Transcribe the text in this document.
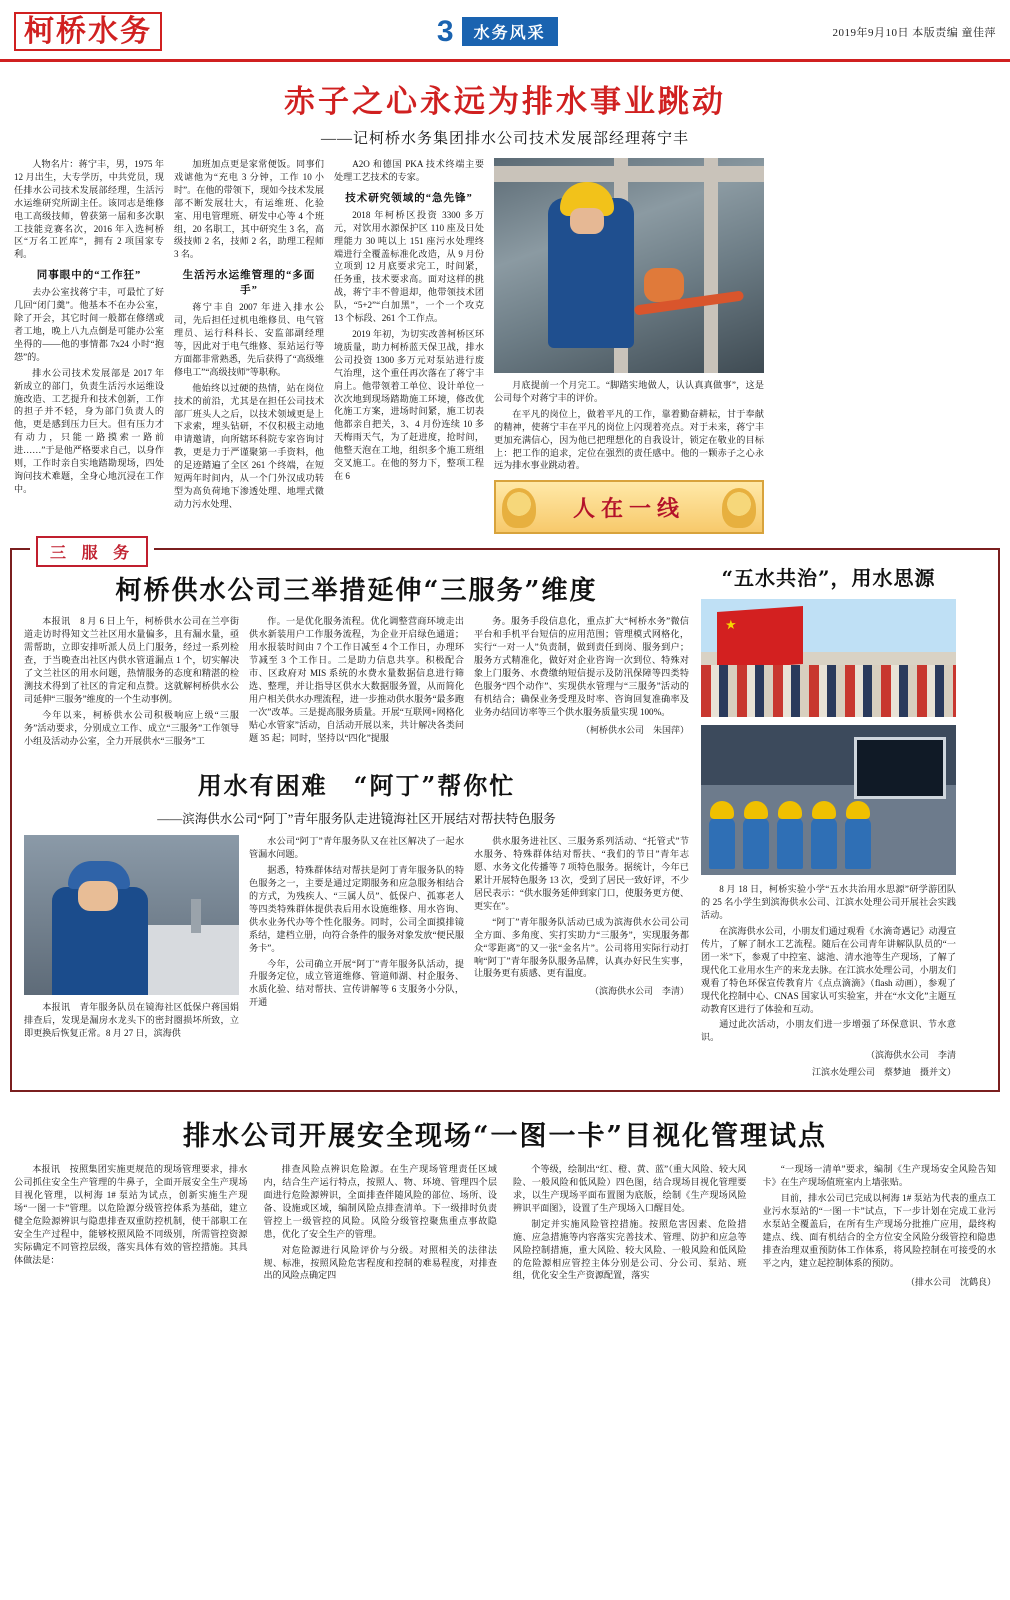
柯桥水务	3	水务风采	2019年9月10日 本版责编 童佳萍
赤子之心永远为排水事业跳动
——记柯桥水务集团排水公司技术发展部经理蒋宁丰

人物名片：蒋宁丰，男，1975 年 12 月出生，大专学历，中共党员，现任排水公司技术发展部经理，生活污水运维研究所副主任。该同志是维修电工高级技师，曾获第一届和多次职工技能竞赛名次，2016 年入选柯桥区“万名工匠库”，拥有 2 项国家专利。

同事眼中的“工作狂”

去办公室找蒋宁丰，可最忙了好几回“闭门羹”。他基本不在办公室，除了开会，其它时间一般都在修缮或者工地，晚上八九点倒是可能办公室坐得的——他的事情都 7x24 小时“抱怨”的。

排水公司技术发展部是 2017 年新成立的部门，负责生活污水运维设施改造、工艺提升和技术创新，工作的担子并不轻，身为部门负责人的他，更是感到压力巨大。但有压力才有动力，只能一路摸索一路前进……”于是他严格要求自己，以身作则，工作时亲自实地踏勘现场，四处询问技术难题，全身心地沉浸在工作中。

加班加点更是家常便饭。同事们戏谑他为“充电 3 分钟，工作 10 小时”。在他的带领下，现如今技术发展部不断发展壮大，有运维班、化验室、用电管理班、研发中心等 4 个班组，20 名职工，其中研究生 3 名，高级技师 2 名，技师 2 名，助理工程师 3 名。

生活污水运维管理的“多面手”

蒋宁丰自 2007 年进入排水公司，先后担任过机电维修员、电气管理员、运行科科长、安监部副经理等，因此对于电气维修、泵站运行等方面都非常熟悉，先后获得了“高级维修电工”“高级技师”等职称。

他始终以过硬的热情，站在岗位技术的前沿，尤其是在担任公司技术部厂班头人之后，以技术领域更是上下求索，埋头钻研，不仅积极主动地申请邀请，向所辖环科院专家咨询讨教，更是力于严谨聚第一手资料，他的足迹踏遍了全区 261 个终端，在短短两年时间内，从一个门外汉成功转型为高负荷地下渗透处理、地埋式微动力污水处理、

A2O 和德国 PKA 技术终端主要处理工艺技术的专家。

技术研究领域的“急先锋”

2018 年柯桥区投资 3300 多万元，对饮用水源保护区 110 座及日处理能力 30 吨以上 151 座污水处理终端进行全覆盖标准化改造，从 9 月份立项到 12 月底要求完工，时间紧，任务重，技术要求高。面对这样的挑战，蒋宁丰不曾退却，他带领技术团队，“5+2”“白加黑”，一个一个攻克 13 个标段、261 个工作点。

2019 年初，为切实改善柯桥区环境质量，助力柯桥蓝天保卫战，排水公司投资 1300 多万元对泵站进行废气治理，这个重任再次落在了蒋宁丰肩上。他带领着工单位、设计单位一次次地到现场踏勘施工环境，修改优化施工方案，进场时间紧，施工切表他都亲自把关，3、4 月份连续 10 多天梅雨天气，为了赶进度，抢时间，他整天泡在工地，组织多个施工班组交叉施工。在他的努力下，整项工程在 6

月底提前一个月完工。“脚踏实地做人，认认真真做事”，这是公司每个对蒋宁丰的评价。

在平凡的岗位上，做着平凡的工作，靠着勤奋耕耘，甘于奉献的精神，使蒋宁丰在平凡的岗位上闪现着亮点。对于未来，蒋宁丰更加充满信心，因为他已把理想化的自我设计，锁定在敬业的目标上：把工作的追求，定位在强烈的责任感中。他的一颗赤子之心永远为排水事业跳动着。

人在一线
三 服 务
柯桥供水公司三举措延伸“三服务”维度

本报讯　8 月 6 日上午，柯桥供水公司在兰亭街道走访时得知文兰社区用水量偏多，且有漏水量，亟需帮助，立即安排听派人员上门服务，经过一系列检查，于当晚查出社区内供水管道漏点 1 个，切实解决了文兰社区的用水问题，热情服务的态度和精湛的检测技术得到了社区的肯定和点赞。这就解柯桥供水公司延伸“三服务”维度的一个生动事例。

今年以来，柯桥供水公司积极响应上级“三服务”活动要求，分别成立工作、成立“三服务”工作领导小组及活动办公室，全力开展供水“三服务”工

作。一是优化服务流程。优化调整营商环境走出供水新装用户工作服务流程，为企业开启绿色通道；用水报装时间由 7 个工作日减至 4 个工作日，办理环节减至 3 个工作日。二是助力信息共享。积极配合市、区政府对 MIS 系统的水费水量数据信息进行筛选、整理，并让指导区供水大数据服务置，从而简化用户相关供水办理流程，进一步推动供水服务“最多跑一次”改革。三是提高服务质量。开展“互联网+网格化贴心水管家”活动，自活动开展以来，共计解决各类问题 35 起；同时，坚持以“四化”提服

务。服务手段信息化，重点扩大“柯桥水务”微信平台和手机平台短信的应用范围；管理模式网格化，实行“一对一人”负责制，做到责任到岗、服务到户；服务方式精准化，做好对企业咨询一次到位、特殊对象上门服务、水费缴纳短信提示及防汛保障等四类特色服务“四个动作”、实现供水管理与“三服务”活动的有机结合；确保业务受理及时率、咨询回复准确率及业务办结回访率等三个供水服务质量实现 100%。

（柯桥供水公司　朱国萍）
用水有困难　“阿丁”帮你忙
——滨海供水公司“阿丁”青年服务队走进镜海社区开展结对帮扶特色服务

本报讯　青年服务队员在镜海社区低保户蒋国娟排查后，发现是漏房水龙头下的密封圈损坏所致，立即更换后恢复正常。8 月 27 日，滨海供

水公司“阿丁”青年服务队又在社区解决了一起水管漏水问题。

据悉，特殊群体结对帮扶是阿丁青年服务队的特色服务之一，主要是通过定期服务和应急服务相结合的方式，为残疾人、“三属人员”、低保户、孤寡老人等四类特殊群体提供表后用水设施维修、用水咨询、供水业务代办等个性化服务。同时，公司全面摸排镜系结，建档立册，向符合条件的服务对象发放“便民服务卡”。

今年，公司确立开展“阿丁”青年服务队活动，提升服务定位，成立管道维修、管道师湖、村企服务、水质化验、结对帮扶、宣传讲解等 6 支服务小分队，开通

供水服务进社区、三服务系列活动、“托管式”节水服务、特殊群体结对帮扶、“我们的节日”青年志愿、水务文化传播等 7 项特色服务。据统计，今年已累计开展特色服务 13 次，受到了居民一致好评，不少居民表示：“供水服务延伸到家门口，使服务更方便、更实在”。

“阿丁”青年服务队活动已成为滨海供水公司公司全方面、多角度、实打实助力“三服务”，实现服务都众“零距离”的又一张“金名片”。公司将用实际行动打响“阿丁”青年服务队服务品牌，认真办好民生实事，让服务更有质感、更有温度。

（滨海供水公司　李清）
“五水共治”，用水思源
★

8 月 18 日，柯桥实验小学“五水共治用水思源”研学游团队的 25 名小学生到滨海供水公司、江滨水处理公司开展社会实践活动。

在滨海供水公司，小朋友们通过观看《水滴奇遇记》动漫宣传片，了解了制水工艺流程。随后在公司青年讲解队队员的“一团一米”下，参观了中控室、滤池、清水池等生产现场，了解了现代化工业用水生产的来龙去脉。在江滨水处理公司，小朋友们观看了特色环保宣传教育片《点点滴滴》（flash 动画），参观了现代化控制中心、CNAS 国家认可实验室，并在“水文化”主题互动教育区进行了体验和互动。

通过此次活动，小朋友们进一步增强了环保意识、节水意识。

（滨海供水公司　李清
江滨水处理公司　蔡梦迪　摄并文）
排水公司开展安全现场“一图一卡”目视化管理试点

本报讯　按照集团实施更规范的现场管理要求，排水公司抓住安全生产管理的牛鼻子，全面开展安全生产现场目视化管理，以柯海 1# 泵站为试点，创新实施生产现场“一图一卡”管理。以危险源分级管控体系为基础，建立健全危险源辨识与隐患排查双重防控机制，使干部职工在安全生产过程中，能够校照风险不同级别，所需管控资源实际确定不同管控层级，落实具体有效的管控措施。其具体做法是：

排查风险点辨识危险源。在生产现场管理责任区域内，结合生产运行特点，按照人、物、环境、管理四个层面进行危险源辨识，全面排查伴随风险的部位、场所、设备、设施或区域，编制风险点排查清单。下一级排时负责管控上一级管控的风险。风险分级管控聚焦重点事故隐患，优化了安全生产的管理。

对危险源进行风险评价与分级。对照相关的法律法规、标准，按照风险危害程度和控制的难易程度，对排查出的风险点确定四

个等级，绘制出“红、橙、黄、蓝”（重大风险、较大风险、一般风险和低风险）四色图，结合现场目视化管理要求，以生产现场平面布置图为底版，绘制《生产现场风险辨识平面图》，设置了生产现场入口醒目处。

制定并实施风险管控措施。按照危害因素、危险措施、应急措施等内容落实完善技术、管理、防护和应急等风险控制措施，重大风险、较大风险、一般风险和低风险的危险源相应管控主体分别是公司、分公司、泵站、班组，优化安全生产资源配置，落实

“一现场一清单”要求，编制《生产现场安全风险告知卡》在生产现场值班室内上墙张贴。

目前，排水公司已完成以柯海 1# 泵站为代表的重点工业污水泵站的“一图一卡”试点，下一步计划在完成工业污水泵站全覆盖后，在所有生产现场分批推广应用，最终构建点、线、面有机结合的全方位安全风险分级管控和隐患排查治理双重预防体工作体系，将风险控制在可接受的水平之内，建立起控制体系的预防。

（排水公司　沈鹤良）
